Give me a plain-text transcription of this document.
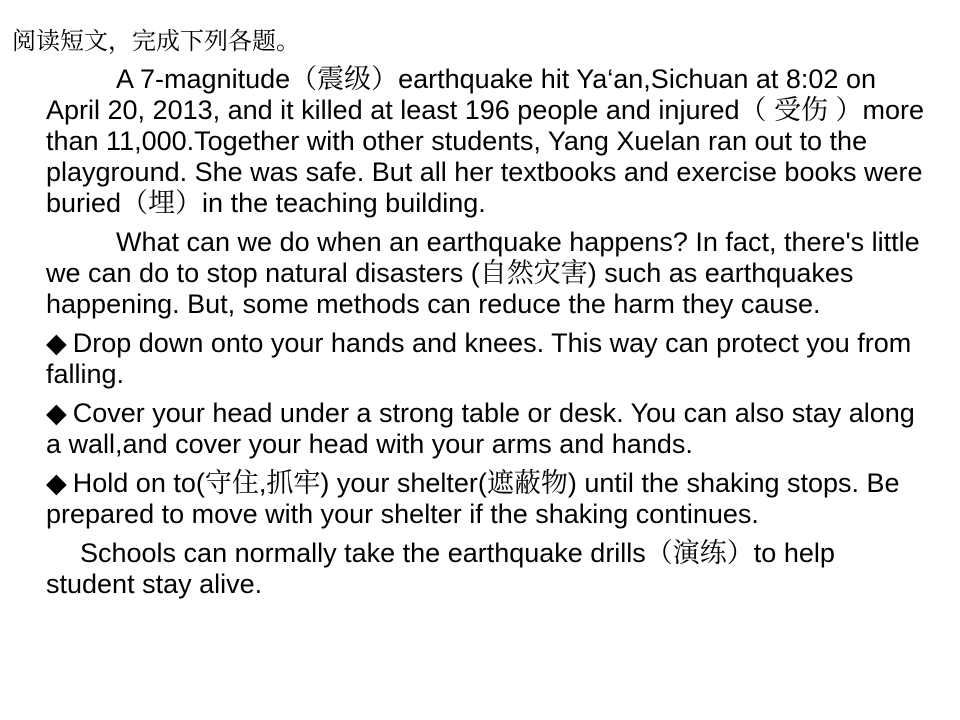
阅读短文，完成下列各题。

A 7-magnitude（震级）earthquake hit Ya‘an,Sichuan at 8:02 on April 20, 2013, and it killed at least 196 people and injured（ 受伤 ）more than 11,000.Together with other students, Yang Xuelan ran out to the playground. She was safe. But all her textbooks and exercise books were buried（埋）in the teaching building.

What can we do when an earthquake happens? In fact, there's little we can do to stop natural disasters (自然灾害) such as earthquakes happening. But, some methods can reduce the harm they cause.

◆ Drop down onto your hands and knees. This way can protect you from falling.

◆ Cover your head under a strong table or desk. You can also stay along a wall,and cover your head with your arms and hands.

◆ Hold on to(守住,抓牢) your shelter(遮蔽物) until the shaking stops. Be prepared to move with your shelter if the shaking continues.

Schools can normally take the earthquake drills（演练）to help student stay alive.
